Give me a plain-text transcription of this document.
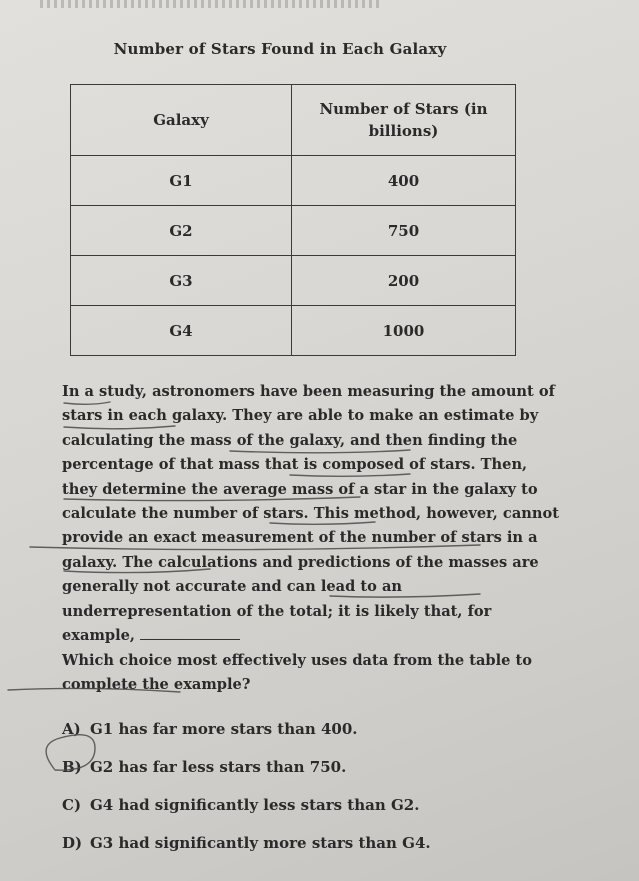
Number of Stars Found in Each Galaxy
Galaxy	Number of Stars (in billions)

G1	400
G2	750
G3	200
G4	1000
In a study, astronomers have been measuring the amount of stars in each galaxy. They are able to make an estimate by calculating the mass of the galaxy, and then finding the percentage of that mass that is composed of stars. Then, they determine the average mass of a star in the galaxy to calculate the number of stars. This method, however, cannot provide an exact measurement of the number of stars in a galaxy. The calculations and predictions of the masses are generally not accurate and can lead to an underrepresentation of the total; it is likely that, for example,
Which choice most effectively uses data from the table to complete the example?
A) G1 has far more stars than 400.
B) G2 has far less stars than 750.
C) G4 had significantly less stars than G2.
D) G3 had significantly more stars than G4.
